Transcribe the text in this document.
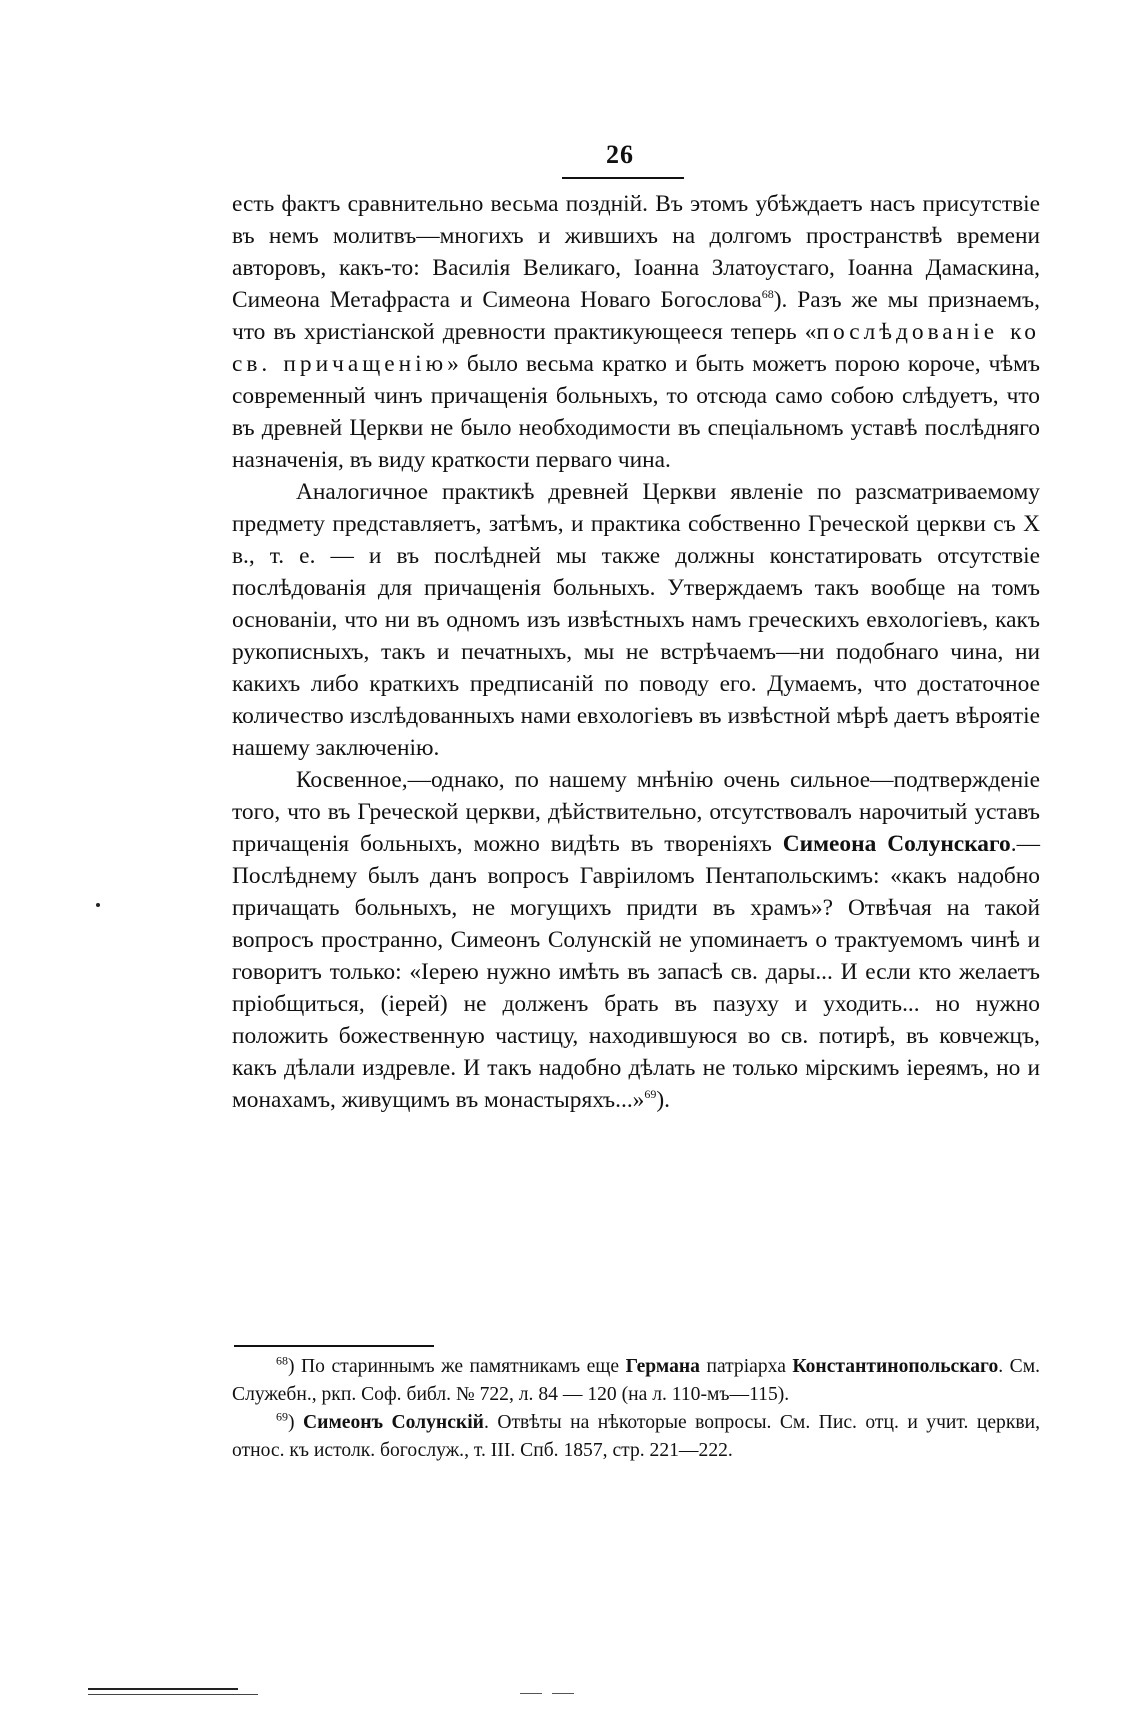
26

есть фактъ сравнительно весьма поздній. Въ этомъ убѣждаетъ насъ присутствіе въ немъ молитвъ—многихъ и жившихъ на долгомъ пространствѣ времени авторовъ, какъ-то: Василія Великаго, Іоанна Златоустаго, Іоанна Дамаскина, Симеона Метафраста и Симеона Новаго Богослова$^{68}$). Разъ же мы признаемъ, что въ христіанской древности практикующееся теперь «послѣдованіе ко св. причащенію» было весьма кратко и быть можетъ порою короче, чѣмъ современный чинъ причащенія больныхъ, то отсюда само собою слѣдуетъ, что въ древней Церкви не было необходимости въ спеціальномъ уставѣ послѣдняго назначенія, въ виду краткости перваго чина.

Аналогичное практикѣ древней Церкви явленіе по разсматриваемому предмету представляетъ, затѣмъ, и практика собственно Греческой церкви съ X в., т. е. — и въ послѣдней мы также должны констатировать отсутствіе послѣдованія для причащенія больныхъ. Утверждаемъ такъ вообще на томъ основаніи, что ни въ одномъ изъ извѣстныхъ намъ греческихъ евхологіевъ, какъ рукописныхъ, такъ и печатныхъ, мы не встрѣчаемъ—ни подобнаго чина, ни какихъ либо краткихъ предписаній по поводу его. Думаемъ, что достаточное количество изслѣдованныхъ нами евхологіевъ въ извѣстной мѣрѣ даетъ вѣроятіе нашему заключенію.

Косвенное,—однако, по нашему мнѣнію очень сильное—подтвержденіе того, что въ Греческой церкви, дѣйствительно, отсутствовалъ нарочитый уставъ причащенія больныхъ, можно видѣть въ твореніяхъ Симеона Солунскаго.—Послѣднему былъ данъ вопросъ Гавріиломъ Пентапольскимъ: «какъ надобно причащать больныхъ, не могущихъ придти въ храмъ»? Отвѣчая на такой вопросъ пространно, Симеонъ Солунскій не упоминаетъ о трактуемомъ чинѣ и говоритъ только: «Іерею нужно имѣть въ запасѣ св. дары... И если кто желаетъ пріобщиться, (іерей) не долженъ брать въ пазуху и уходить... но нужно положить божественную частицу, находившуюся во св. потирѣ, въ ковчежцъ, какъ дѣлали издревле. И такъ надобно дѣлать не только мірскимъ іереямъ, но и монахамъ, живущимъ въ монастыряхъ...»$^{69}$).

$^{68}$) По стариннымъ же памятникамъ еще Германа патріарха Константинопольскаго. См. Служебн., ркп. Соф. библ. № 722, л. 84 — 120 (на л. 110-мъ—115).

$^{69}$) Симеонъ Солунскій. Отвѣты на нѣкоторые вопросы. См. Пис. отц. и учит. церкви, относ. къ истолк. богослуж., т. III. Спб. 1857, стр. 221—222.
